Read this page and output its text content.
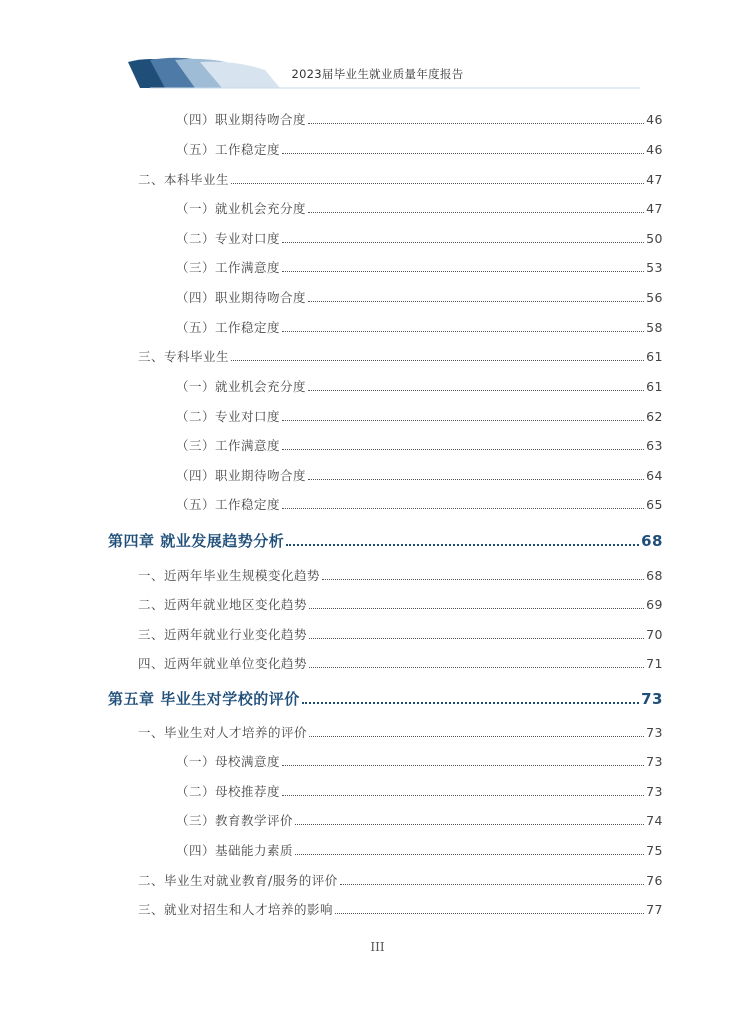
2023届毕业生就业质量年度报告
（四）职业期待吻合度	46
（五）工作稳定度	46
二、本科毕业生	47
（一）就业机会充分度	47
（二）专业对口度	50
（三）工作满意度	53
（四）职业期待吻合度	56
（五）工作稳定度	58
三、专科毕业生	61
（一）就业机会充分度	61
（二）专业对口度	62
（三）工作满意度	63
（四）职业期待吻合度	64
（五）工作稳定度	65
第四章 就业发展趋势分析	68
一、近两年毕业生规模变化趋势	68
二、近两年就业地区变化趋势	69
三、近两年就业行业变化趋势	70
四、近两年就业单位变化趋势	71
第五章 毕业生对学校的评价	73
一、毕业生对人才培养的评价	73
（一）母校满意度	73
（二）母校推荐度	73
（三）教育教学评价	74
（四）基础能力素质	75
二、毕业生对就业教育/服务的评价	76
三、就业对招生和人才培养的影响	77
III
